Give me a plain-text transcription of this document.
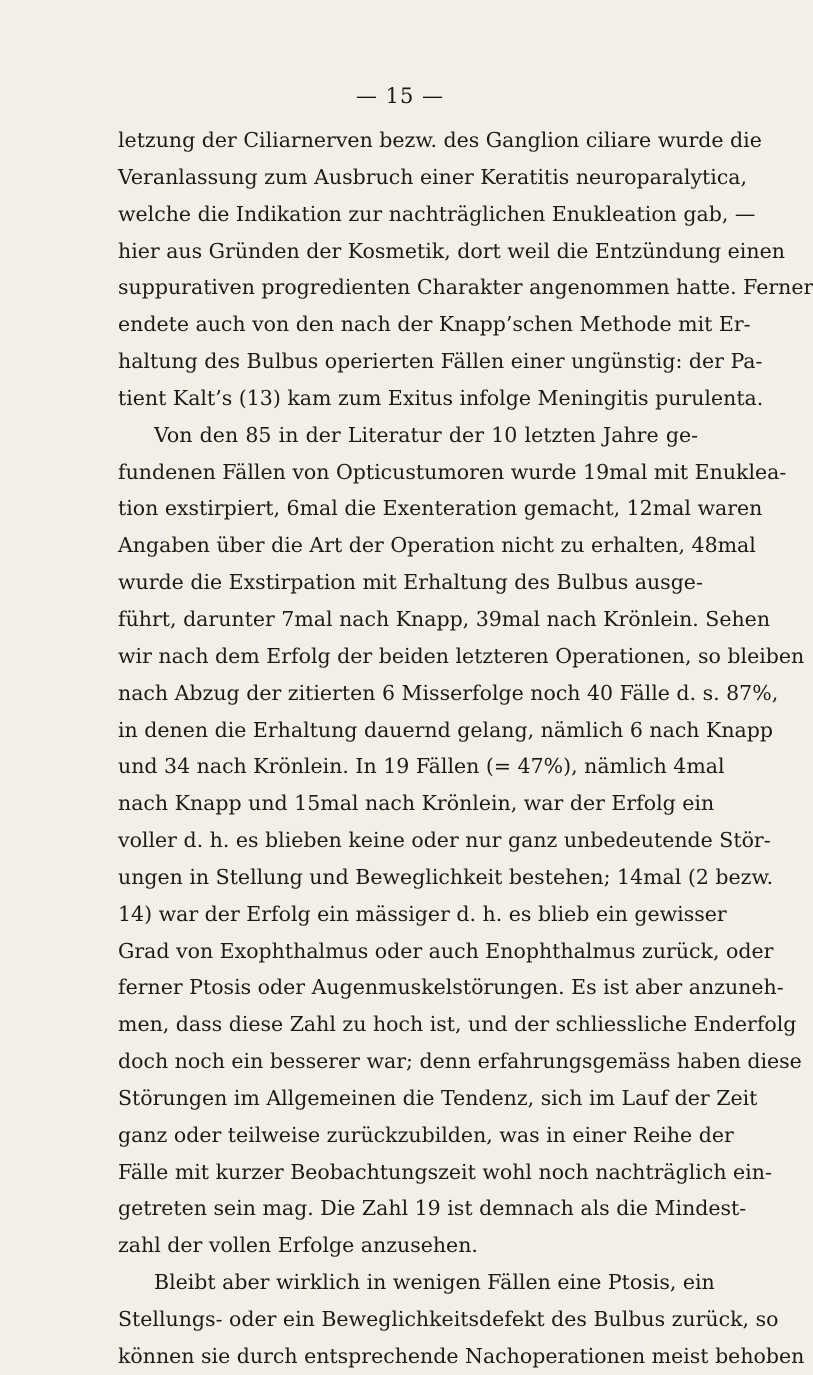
— 15 —
letzung der Ciliarnerven bezw. des Ganglion ciliare wurde die
Veranlassung zum Ausbruch einer Keratitis neuroparalytica,
welche die Indikation zur nachträglichen Enukleation gab, —
hier aus Gründen der Kosmetik, dort weil die Entzündung einen
suppurativen progredienten Charakter angenommen hatte. Ferner
endete auch von den nach der Knapp’schen Methode mit Er-
haltung des Bulbus operierten Fällen einer ungünstig: der Pa-
tient Kalt’s (13) kam zum Exitus infolge Meningitis purulenta.
Von den 85 in der Literatur der 10 letzten Jahre ge-
fundenen Fällen von Opticustumoren wurde 19mal mit Enuklea-
tion exstirpiert, 6mal die Exenteration gemacht, 12mal waren
Angaben über die Art der Operation nicht zu erhalten, 48mal
wurde die Exstirpation mit Erhaltung des Bulbus ausge-
führt, darunter 7mal nach Knapp, 39mal nach Krönlein. Sehen
wir nach dem Erfolg der beiden letzteren Operationen, so bleiben
nach Abzug der zitierten 6 Misserfolge noch 40 Fälle d. s. 87%,
in denen die Erhaltung dauernd gelang, nämlich 6 nach Knapp
und 34 nach Krönlein. In 19 Fällen (= 47%), nämlich 4mal
nach Knapp und 15mal nach Krönlein, war der Erfolg ein
voller d. h. es blieben keine oder nur ganz unbedeutende Stör-
ungen in Stellung und Beweglichkeit bestehen; 14mal (2 bezw.
14) war der Erfolg ein mässiger d. h. es blieb ein gewisser
Grad von Exophthalmus oder auch Enophthalmus zurück, oder
ferner Ptosis oder Augenmuskelstörungen. Es ist aber anzuneh-
men, dass diese Zahl zu hoch ist, und der schliessliche Enderfolg
doch noch ein besserer war; denn erfahrungsgemäss haben diese
Störungen im Allgemeinen die Tendenz, sich im Lauf der Zeit
ganz oder teilweise zurückzubilden, was in einer Reihe der
Fälle mit kurzer Beobachtungszeit wohl noch nachträglich ein-
getreten sein mag. Die Zahl 19 ist demnach als die Mindest-
zahl der vollen Erfolge anzusehen.
Bleibt aber wirklich in wenigen Fällen eine Ptosis, ein
Stellungs- oder ein Beweglichkeitsdefekt des Bulbus zurück, so
können sie durch entsprechende Nachoperationen meist behoben
